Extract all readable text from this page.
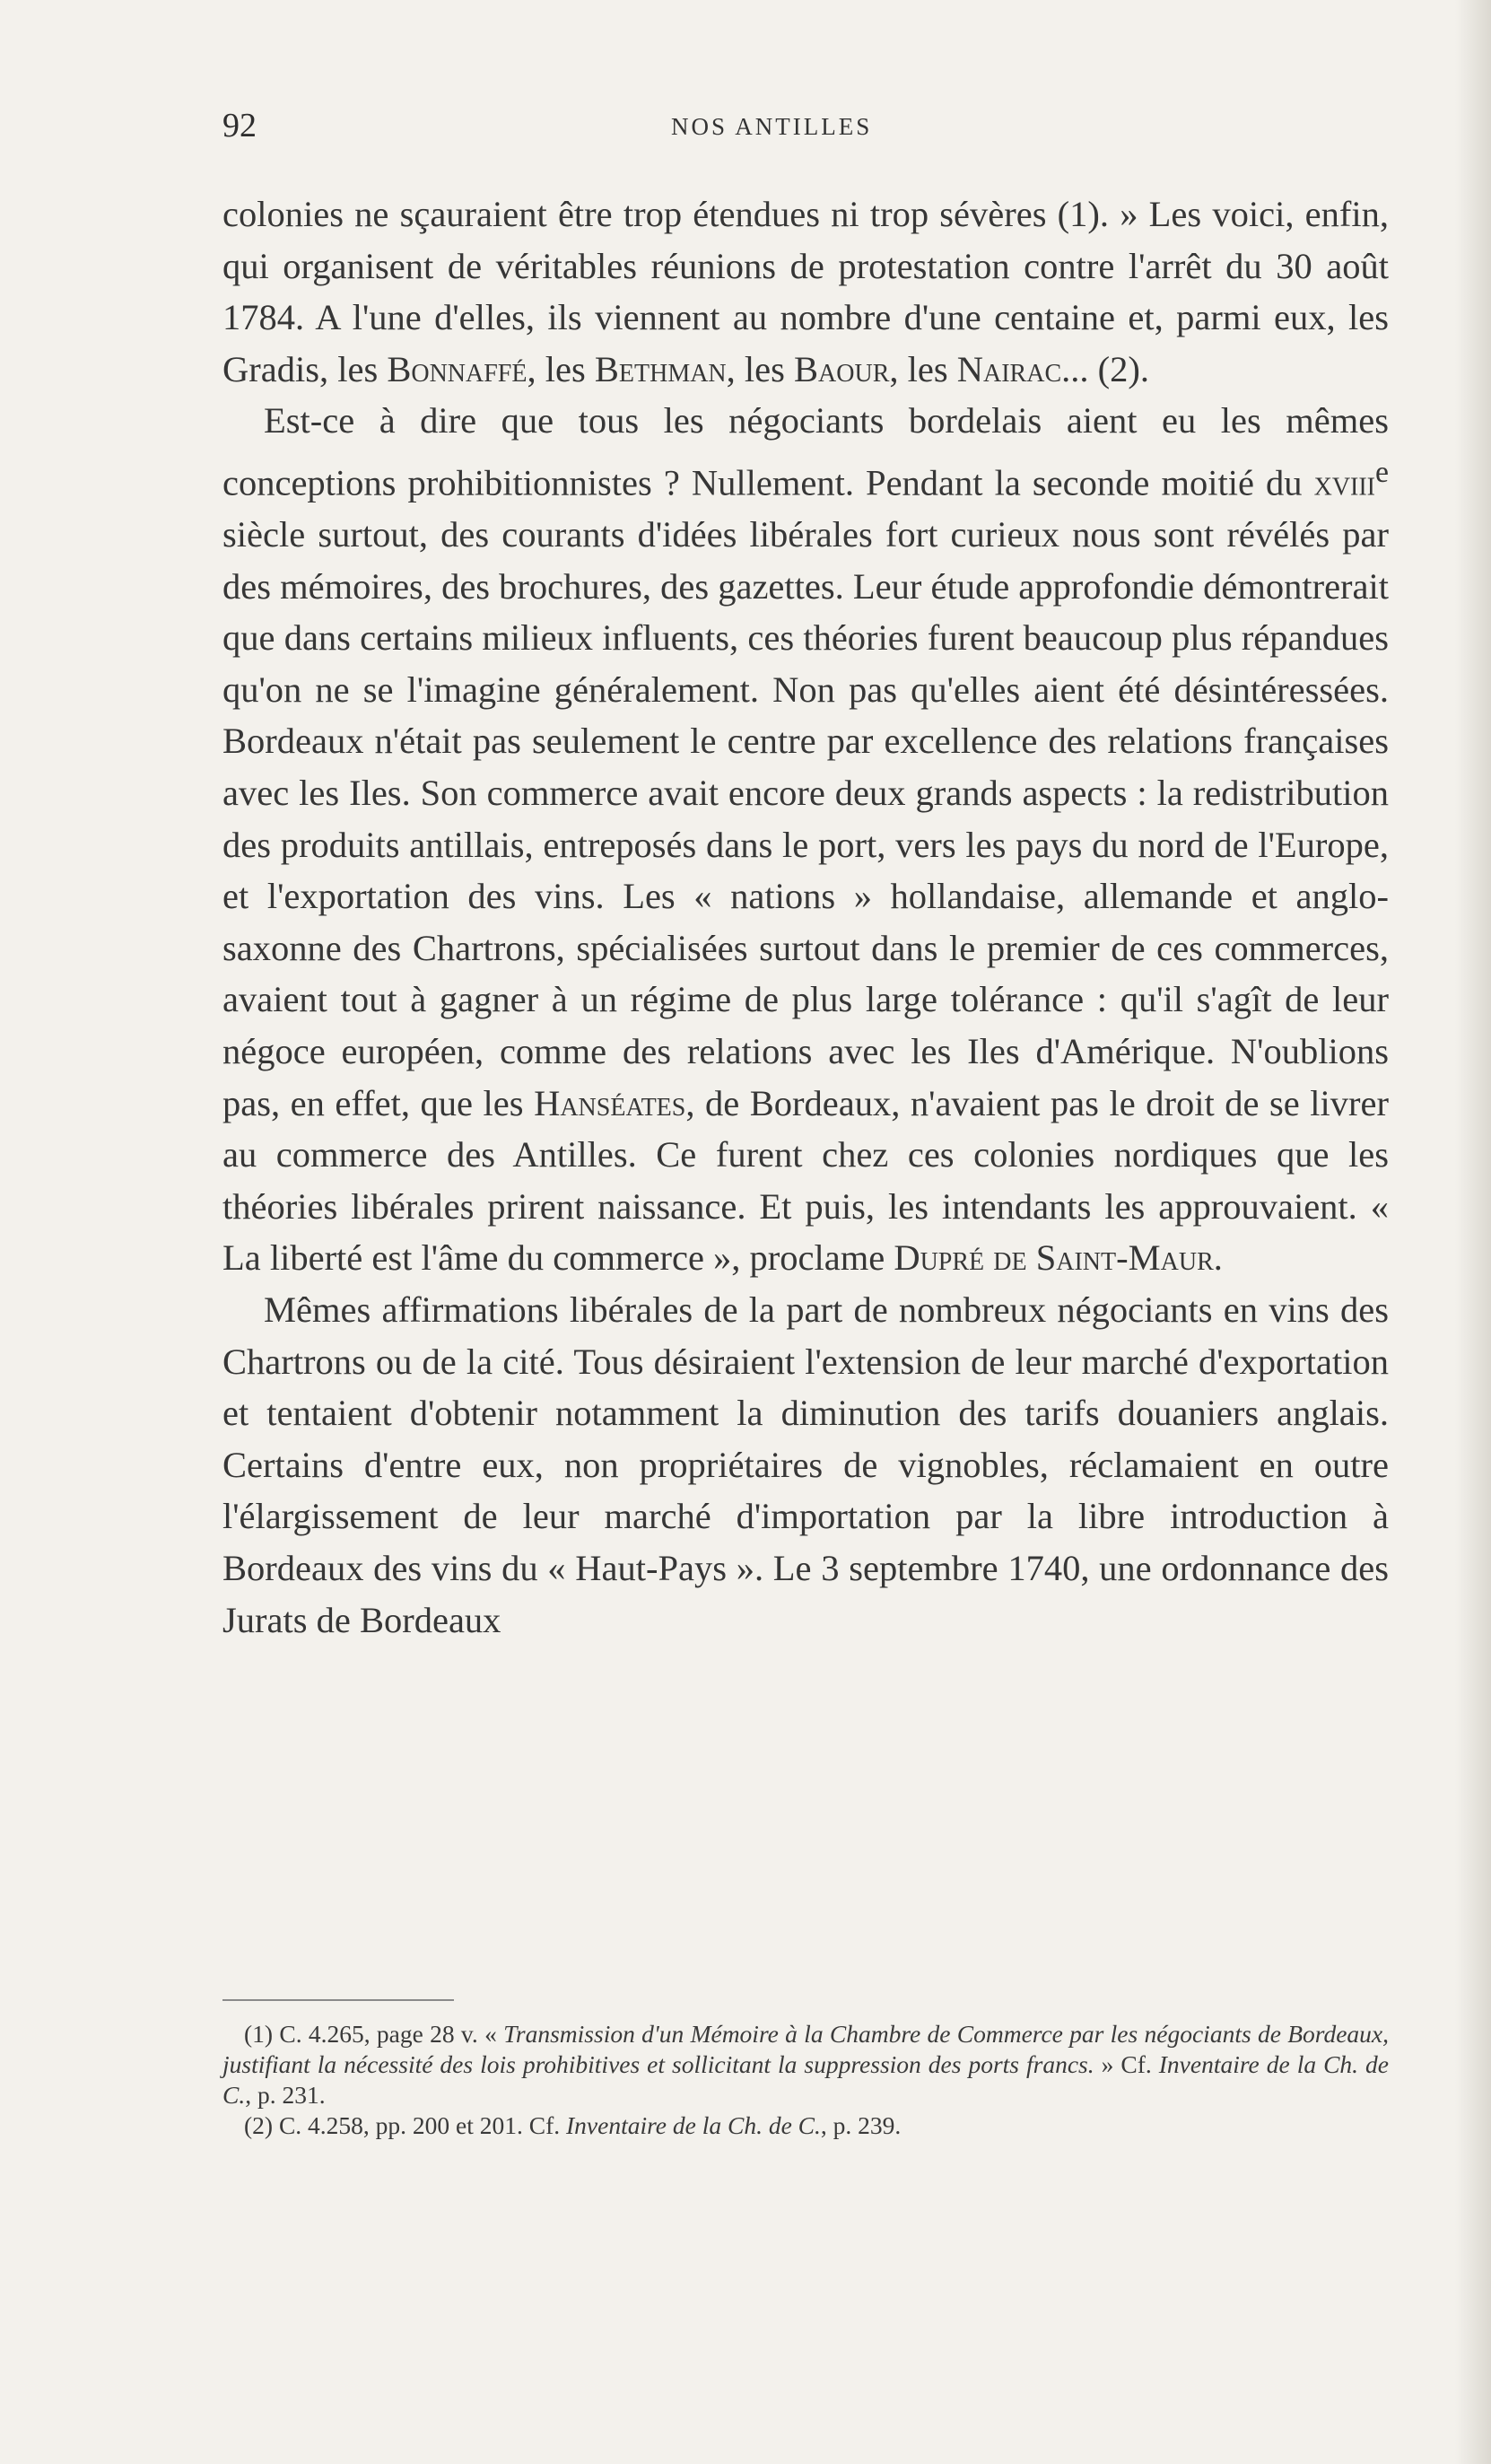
92	NOS ANTILLES

colonies ne sçauraient être trop étendues ni trop sévères (1). » Les voici, enfin, qui organisent de véritables réunions de protestation contre l'arrêt du 30 août 1784. A l'une d'elles, ils viennent au nombre d'une centaine et, parmi eux, les Gradis, les Bonnaffé, les Bethman, les Baour, les Nairac... (2).

Est-ce à dire que tous les négociants bordelais aient eu les mêmes conceptions prohibitionnistes ? Nullement. Pendant la seconde moitié du xviii$^e$ siècle surtout, des courants d'idées libérales fort curieux nous sont révélés par des mémoires, des brochures, des gazettes. Leur étude approfondie démontrerait que dans certains milieux influents, ces théories furent beaucoup plus répandues qu'on ne se l'imagine généralement. Non pas qu'elles aient été désintéressées. Bordeaux n'était pas seulement le centre par excellence des relations françaises avec les Iles. Son commerce avait encore deux grands aspects : la redistribution des produits antillais, entreposés dans le port, vers les pays du nord de l'Europe, et l'exportation des vins. Les « nations » hollandaise, allemande et anglo-saxonne des Chartrons, spécialisées surtout dans le premier de ces commerces, avaient tout à gagner à un régime de plus large tolérance : qu'il s'agît de leur négoce européen, comme des relations avec les Iles d'Amérique. N'oublions pas, en effet, que les Hanséates, de Bordeaux, n'avaient pas le droit de se livrer au commerce des Antilles. Ce furent chez ces colonies nordiques que les théories libérales prirent naissance. Et puis, les intendants les approuvaient. « La liberté est l'âme du commerce », proclame Dupré de Saint-Maur.

Mêmes affirmations libérales de la part de nombreux négociants en vins des Chartrons ou de la cité. Tous désiraient l'extension de leur marché d'exportation et tentaient d'obtenir notamment la diminution des tarifs douaniers anglais. Certains d'entre eux, non propriétaires de vignobles, réclamaient en outre l'élargissement de leur marché d'importation par la libre introduction à Bordeaux des vins du « Haut-Pays ». Le 3 septembre 1740, une ordonnance des Jurats de Bordeaux

(1) C. 4.265, page 28 v. « Transmission d'un Mémoire à la Chambre de Commerce par les négociants de Bordeaux, justifiant la nécessité des lois prohibitives et sollicitant la suppression des ports francs. » Cf. Inventaire de la Ch. de C., p. 231.

(2) C. 4.258, pp. 200 et 201. Cf. Inventaire de la Ch. de C., p. 239.
